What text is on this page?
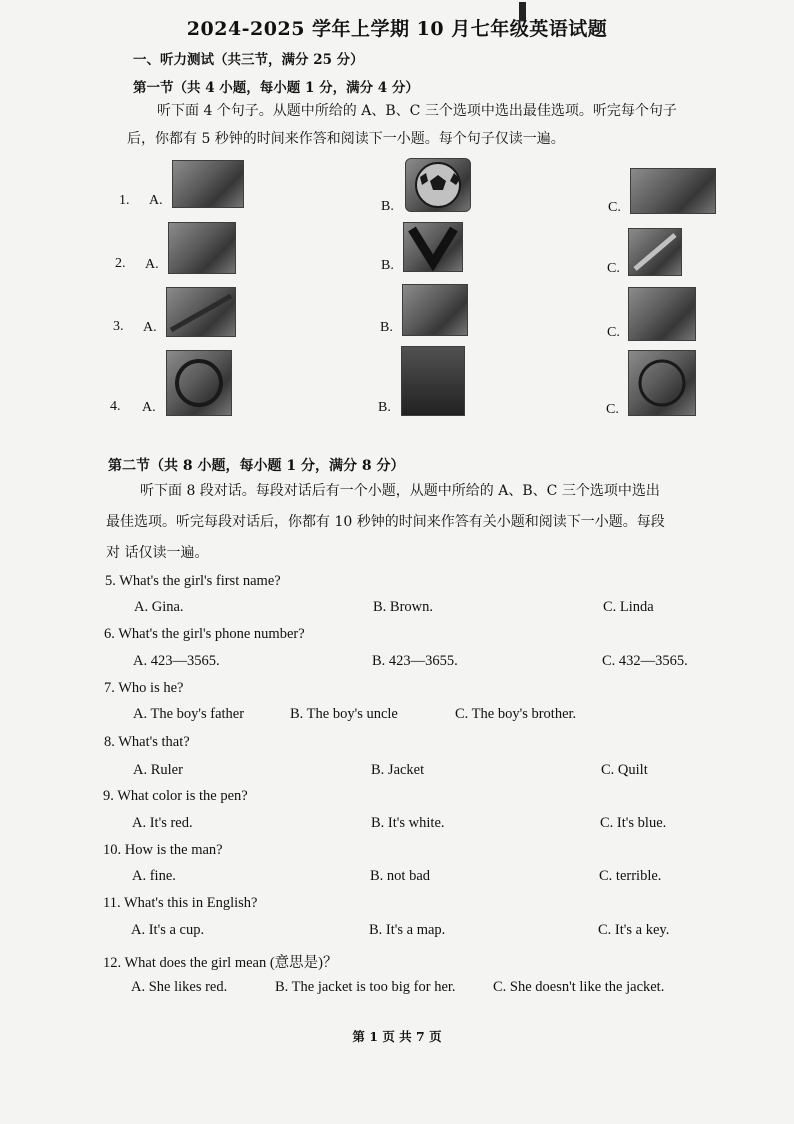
2024-2025 学年上学期 10 月七年级英语试题
一、听力测试（共三节，满分 25 分）
第一节（共 4 小题，每小题 1 分，满分 4 分）
听下面 4 个句子。从题中所给的 A、B、C 三个选项中选出最佳选项。听完每个句子
后，你都有 5 秒钟的时间来作答和阅读下一小题。每个句子仅读一遍。
1. A.	B.	C.
2. A.	B.	C.
3. A.	B.	C.
4. A.	B.	C.
第二节（共 8 小题，每小题 1 分，满分 8 分）
听下面 8 段对话。每段对话后有一个小题，从题中所给的 A、B、C 三个选项中选出
最佳选项。听完每段对话后，你都有 10 秒钟的时间来作答有关小题和阅读下一小题。每段
对 话仅读一遍。
5. What's the girl's first name?
A. Gina.	B. Brown.	C. Linda
6. What's the girl's phone number?
A. 423—3565.	B. 423—3655.	C. 432—3565.
7. Who is he?
A. The boy's father	B. The boy's uncle	C. The boy's brother.
8. What's that?
A. Ruler	B. Jacket	C. Quilt
9. What color is the pen?
A. It's red.	B. It's white.	C. It's blue.
10. How is the man?
A. fine.	B. not bad	C. terrible.
11. What's this in English?
A. It's a cup.	B. It's a map.	C. It's a key.
12. What does the girl mean (意思是)？
A. She likes red.	B. The jacket is too big for her.	C. She doesn't like the jacket.
第 1 页 共 7 页
